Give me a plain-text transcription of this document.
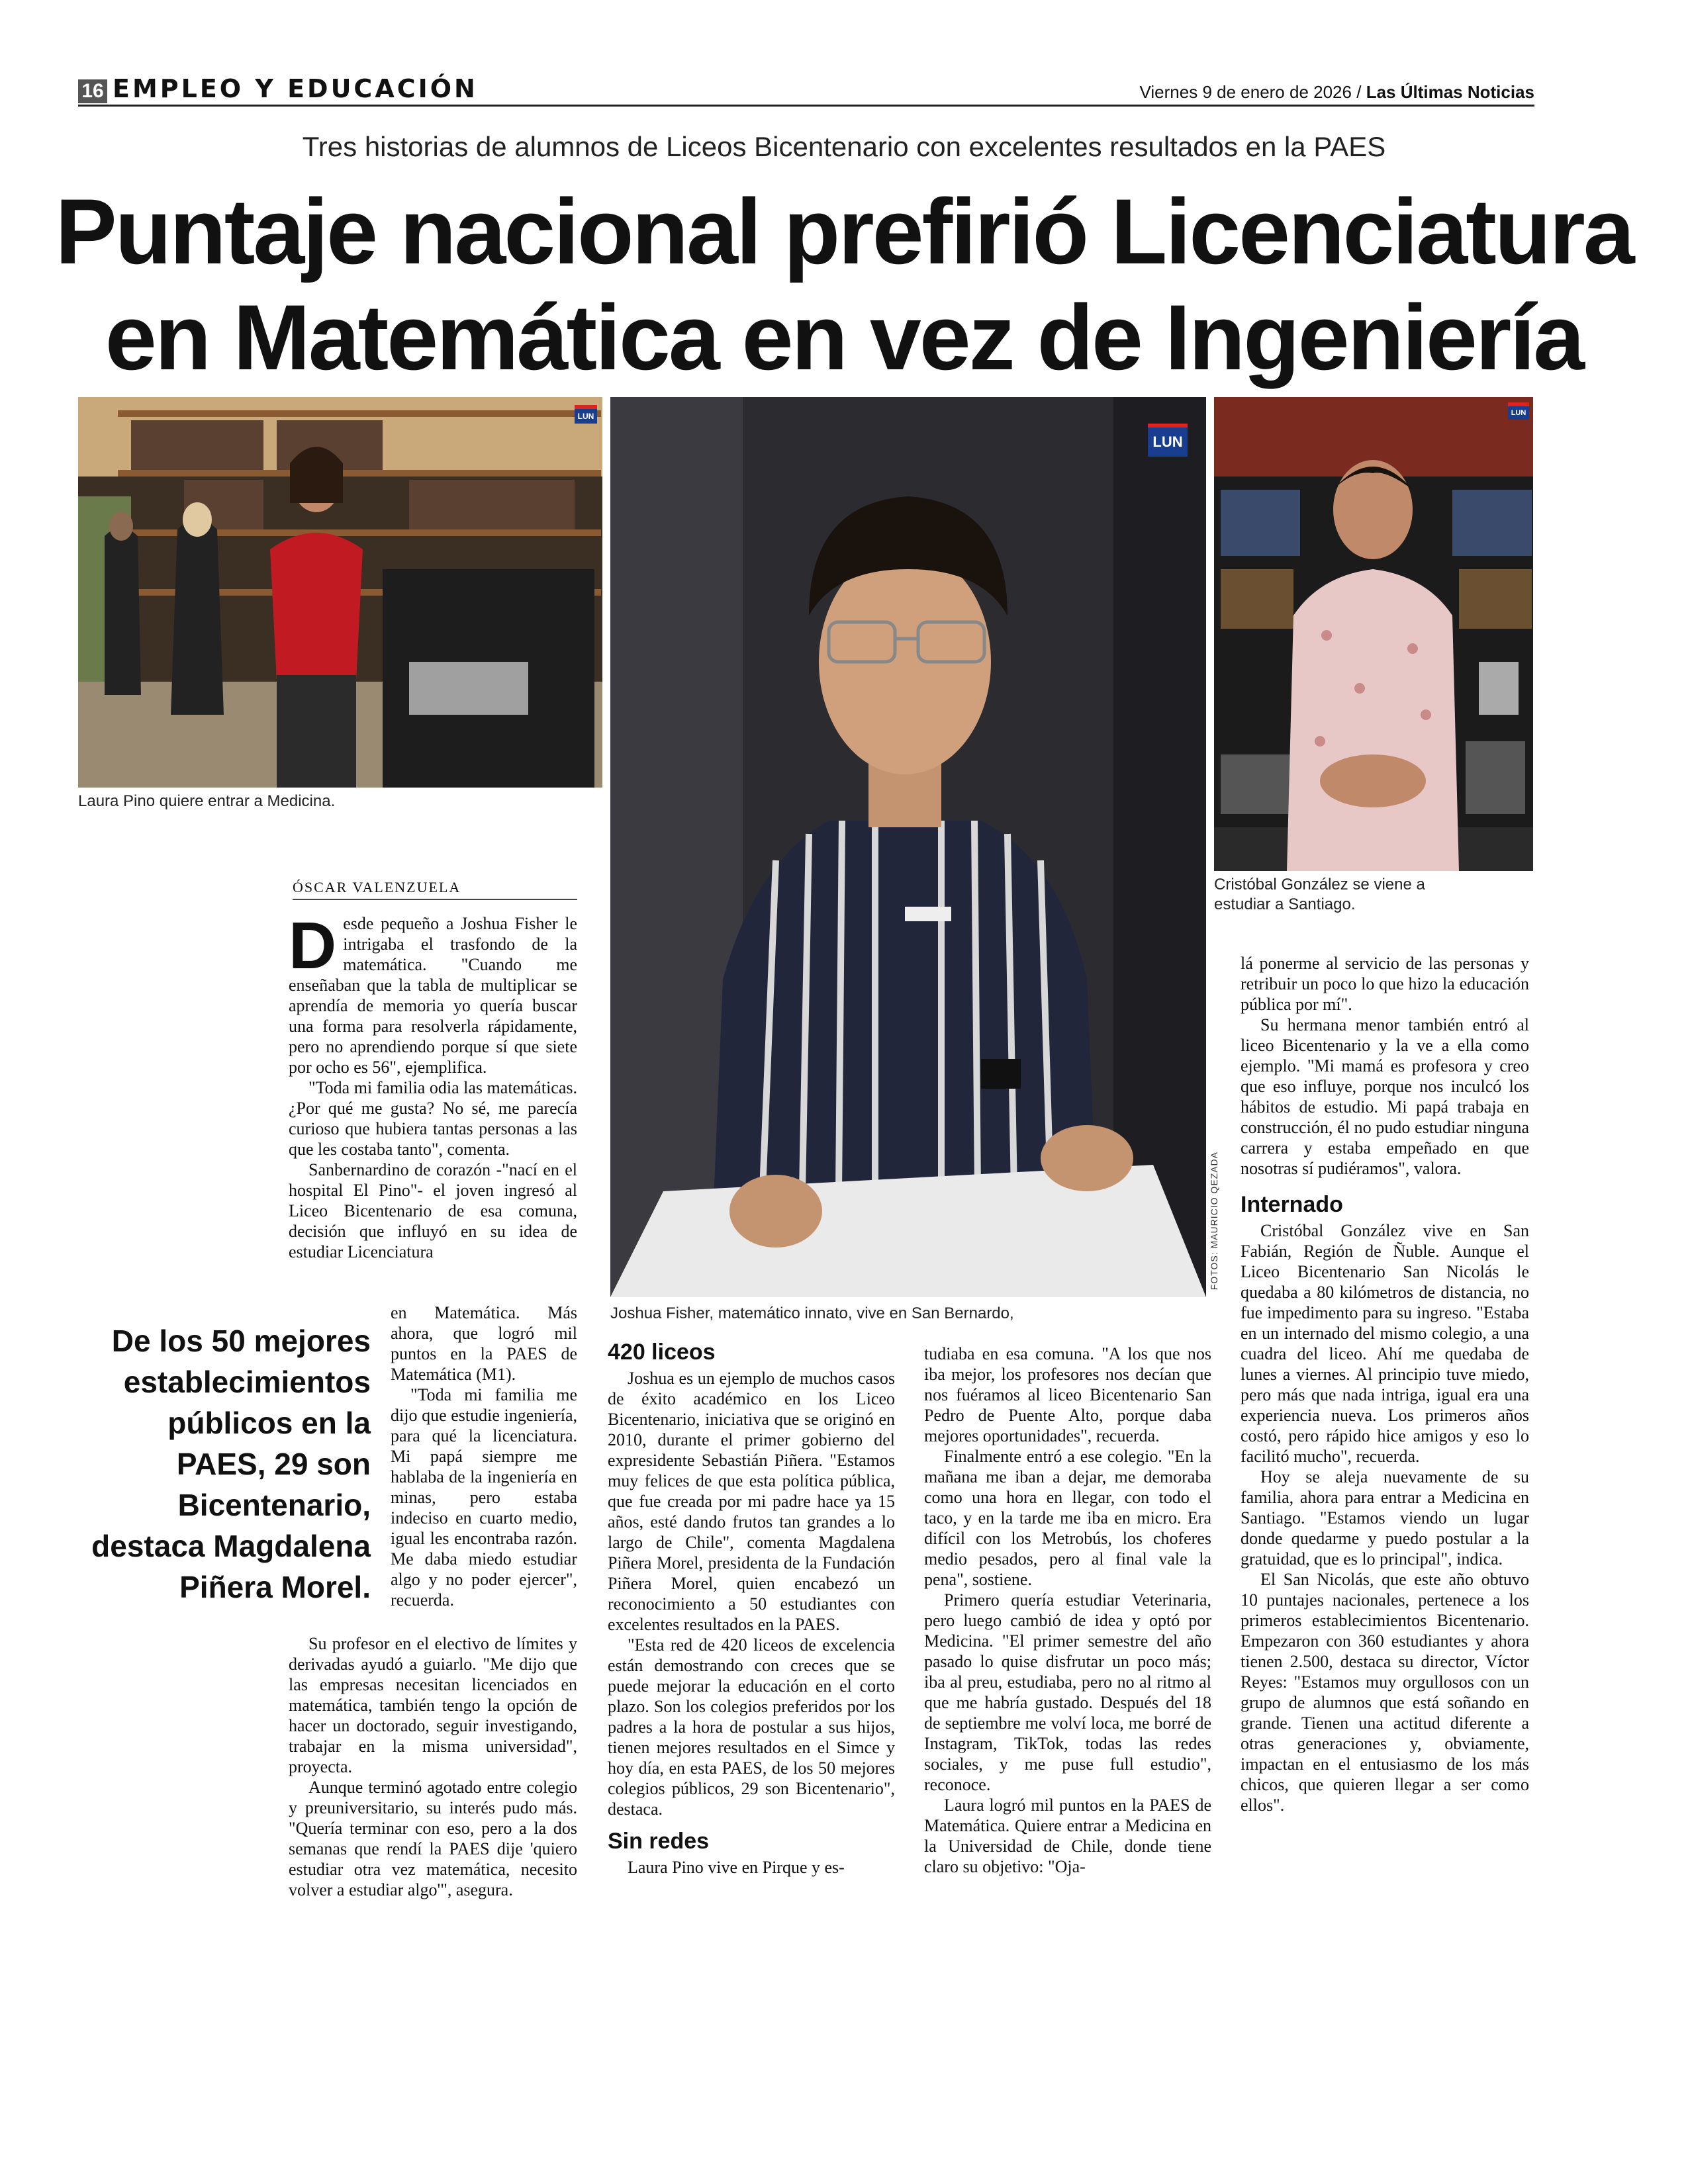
16 EMPLEO Y EDUCACIÓN	Viernes 9 de enero de 2026 / Las Últimas Noticias
Tres historias de alumnos de Liceos Bicentenario con excelentes resultados en la PAES
Puntaje nacional prefirió Licenciatura
en Matemática en vez de Ingeniería
LUN
Laura Pino quiere entrar a Medicina.
LUN
FOTOS: MAURICIO QEZADA
Joshua Fisher, matemático innato, vive en San Bernardo,
LUN
Cristóbal González se viene a
estudiar a Santiago.
ÓSCAR VALENZUELA
D esde pequeño a Joshua Fisher le intrigaba el trasfondo de la matemática. "Cuando me enseñaban que la tabla de multiplicar se aprendía de memoria yo quería buscar una forma para resolverla rápidamente, pero no aprendiendo porque sí que siete por ocho es 56", ejemplifica.

"Toda mi familia odia las matemáticas. ¿Por qué me gusta? No sé, me parecía curioso que hubiera tantas personas a las que les costaba tanto", comenta.

Sanbernardino de corazón -"nací en el hospital El Pino"- el joven ingresó al Liceo Bicentenario de esa comuna, decisión que influyó en su idea de estudiar Licenciatura

De los 50 mejores establecimientos públicos en la PAES, 29 son Bicentenario, destaca Magdalena Piñera Morel.

en Matemática. Más ahora, que logró mil puntos en la PAES de Matemática (M1).

"Toda mi familia me dijo que estudie ingeniería, para qué la licenciatura. Mi papá siempre me hablaba de la ingeniería en minas, pero estaba indeciso en cuarto medio, igual les encontraba razón. Me daba miedo estudiar algo y no poder ejercer", recuerda.

Su profesor en el electivo de límites y derivadas ayudó a guiarlo. "Me dijo que las empresas necesitan licenciados en matemática, también tengo la opción de hacer un doctorado, seguir investigando, trabajar en la misma universidad", proyecta.

Aunque terminó agotado entre colegio y preuniversitario, su interés pudo más. "Quería terminar con eso, pero a la dos semanas que rendí la PAES dije 'quiero estudiar otra vez matemática, necesito volver a estudiar algo'", asegura.

420 liceos

Joshua es un ejemplo de muchos casos de éxito académico en los Liceo Bicentenario, iniciativa que se originó en 2010, durante el primer gobierno del expresidente Sebastián Piñera. "Estamos muy felices de que esta política pública, que fue creada por mi padre hace ya 15 años, esté dando frutos tan grandes a lo largo de Chile", comenta Magdalena Piñera Morel, presidenta de la Fundación Piñera Morel, quien encabezó un reconocimiento a 50 estudiantes con excelentes resultados en la PAES.

"Esta red de 420 liceos de excelencia están demostrando con creces que se puede mejorar la educación en el corto plazo. Son los colegios preferidos por los padres a la hora de postular a sus hijos, tienen mejores resultados en el Simce y hoy día, en esta PAES, de los 50 mejores colegios públicos, 29 son Bicentenario", destaca.

Sin redes

Laura Pino vive en Pirque y es-

tudiaba en esa comuna. "A los que nos iba mejor, los profesores nos decían que nos fuéramos al liceo Bicentenario San Pedro de Puente Alto, porque daba mejores oportunidades", recuerda.

Finalmente entró a ese colegio. "En la mañana me iban a dejar, me demoraba como una hora en llegar, con todo el taco, y en la tarde me iba en micro. Era difícil con los Metrobús, los choferes medio pesados, pero al final vale la pena", sostiene.

Primero quería estudiar Veterinaria, pero luego cambió de idea y optó por Medicina. "El primer semestre del año pasado lo quise disfrutar un poco más; iba al preu, estudiaba, pero no al ritmo al que me habría gustado. Después del 18 de septiembre me volví loca, me borré de Instagram, TikTok, todas las redes sociales, y me puse full estudio", reconoce.

Laura logró mil puntos en la PAES de Matemática. Quiere entrar a Medicina en la Universidad de Chile, donde tiene claro su objetivo: "Oja-

lá ponerme al servicio de las personas y retribuir un poco lo que hizo la educación pública por mí".

Su hermana menor también entró al liceo Bicentenario y la ve a ella como ejemplo. "Mi mamá es profesora y creo que eso influye, porque nos inculcó los hábitos de estudio. Mi papá trabaja en construcción, él no pudo estudiar ninguna carrera y estaba empeñado en que nosotras sí pudiéramos", valora.

Internado

Cristóbal González vive en San Fabián, Región de Ñuble. Aunque el Liceo Bicentenario San Nicolás le quedaba a 80 kilómetros de distancia, no fue impedimento para su ingreso. "Estaba en un internado del mismo colegio, a una cuadra del liceo. Ahí me quedaba de lunes a viernes. Al principio tuve miedo, pero más que nada intriga, igual era una experiencia nueva. Los primeros años costó, pero rápido hice amigos y eso lo facilitó mucho", recuerda.

Hoy se aleja nuevamente de su familia, ahora para entrar a Medicina en Santiago. "Estamos viendo un lugar donde quedarme y puedo postular a la gratuidad, que es lo principal", indica.

El San Nicolás, que este año obtuvo 10 puntajes nacionales, pertenece a los primeros establecimientos Bicentenario. Empezaron con 360 estudiantes y ahora tienen 2.500, destaca su director, Víctor Reyes: "Estamos muy orgullosos con un grupo de alumnos que está soñando en grande. Tienen una actitud diferente a otras generaciones y, obviamente, impactan en el entusiasmo de los más chicos, que quieren llegar a ser como ellos".
